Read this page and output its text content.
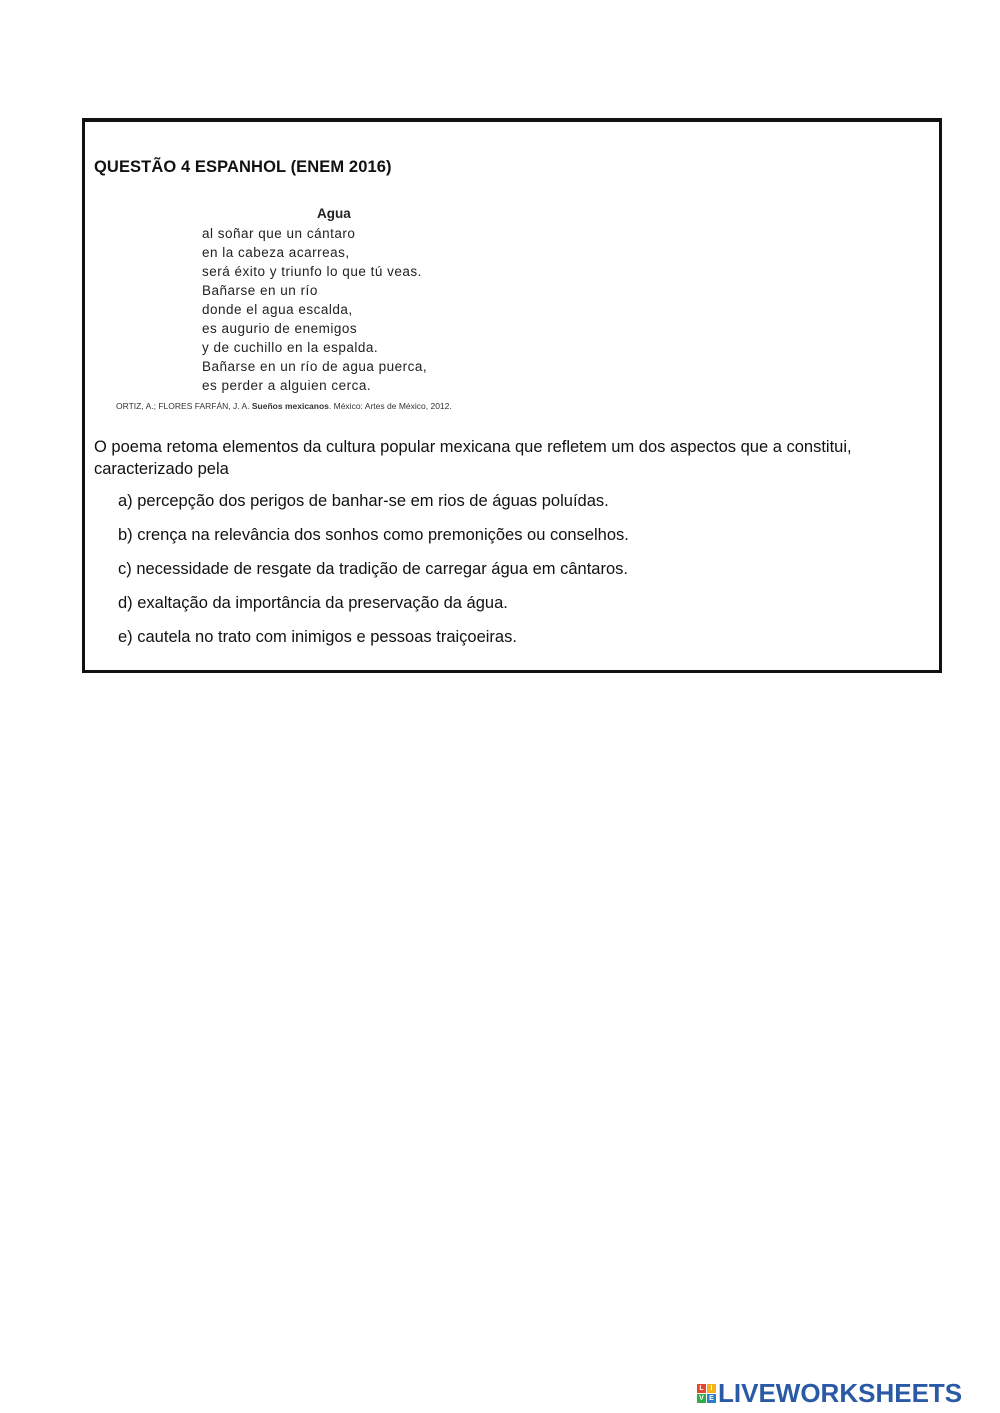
QUESTÃO 4 ESPANHOL (ENEM 2016)
Agua
al soñar que un cántaro
en la cabeza acarreas,
será éxito y triunfo lo que tú veas.
Bañarse en un río
donde el agua escalda,
es augurio de enemigos
y de cuchillo en la espalda.
Bañarse en un río de agua puerca,
es perder a alguien cerca.
ORTIZ, A.; FLORES FARFÁN, J. A. Sueños mexicanos. México: Artes de México, 2012.
O poema retoma elementos da cultura popular mexicana que refletem um dos aspectos que a constitui, caracterizado pela
a) percepção dos perigos de banhar-se em rios de águas poluídas.
b) crença na relevância dos sonhos como premonições ou conselhos.
c) necessidade de resgate da tradição de carregar água em cântaros.
d) exaltação da importância da preservação da água.
e) cautela no trato com inimigos e pessoas traiçoeiras.
L I
V E LIVEWORKSHEETS
